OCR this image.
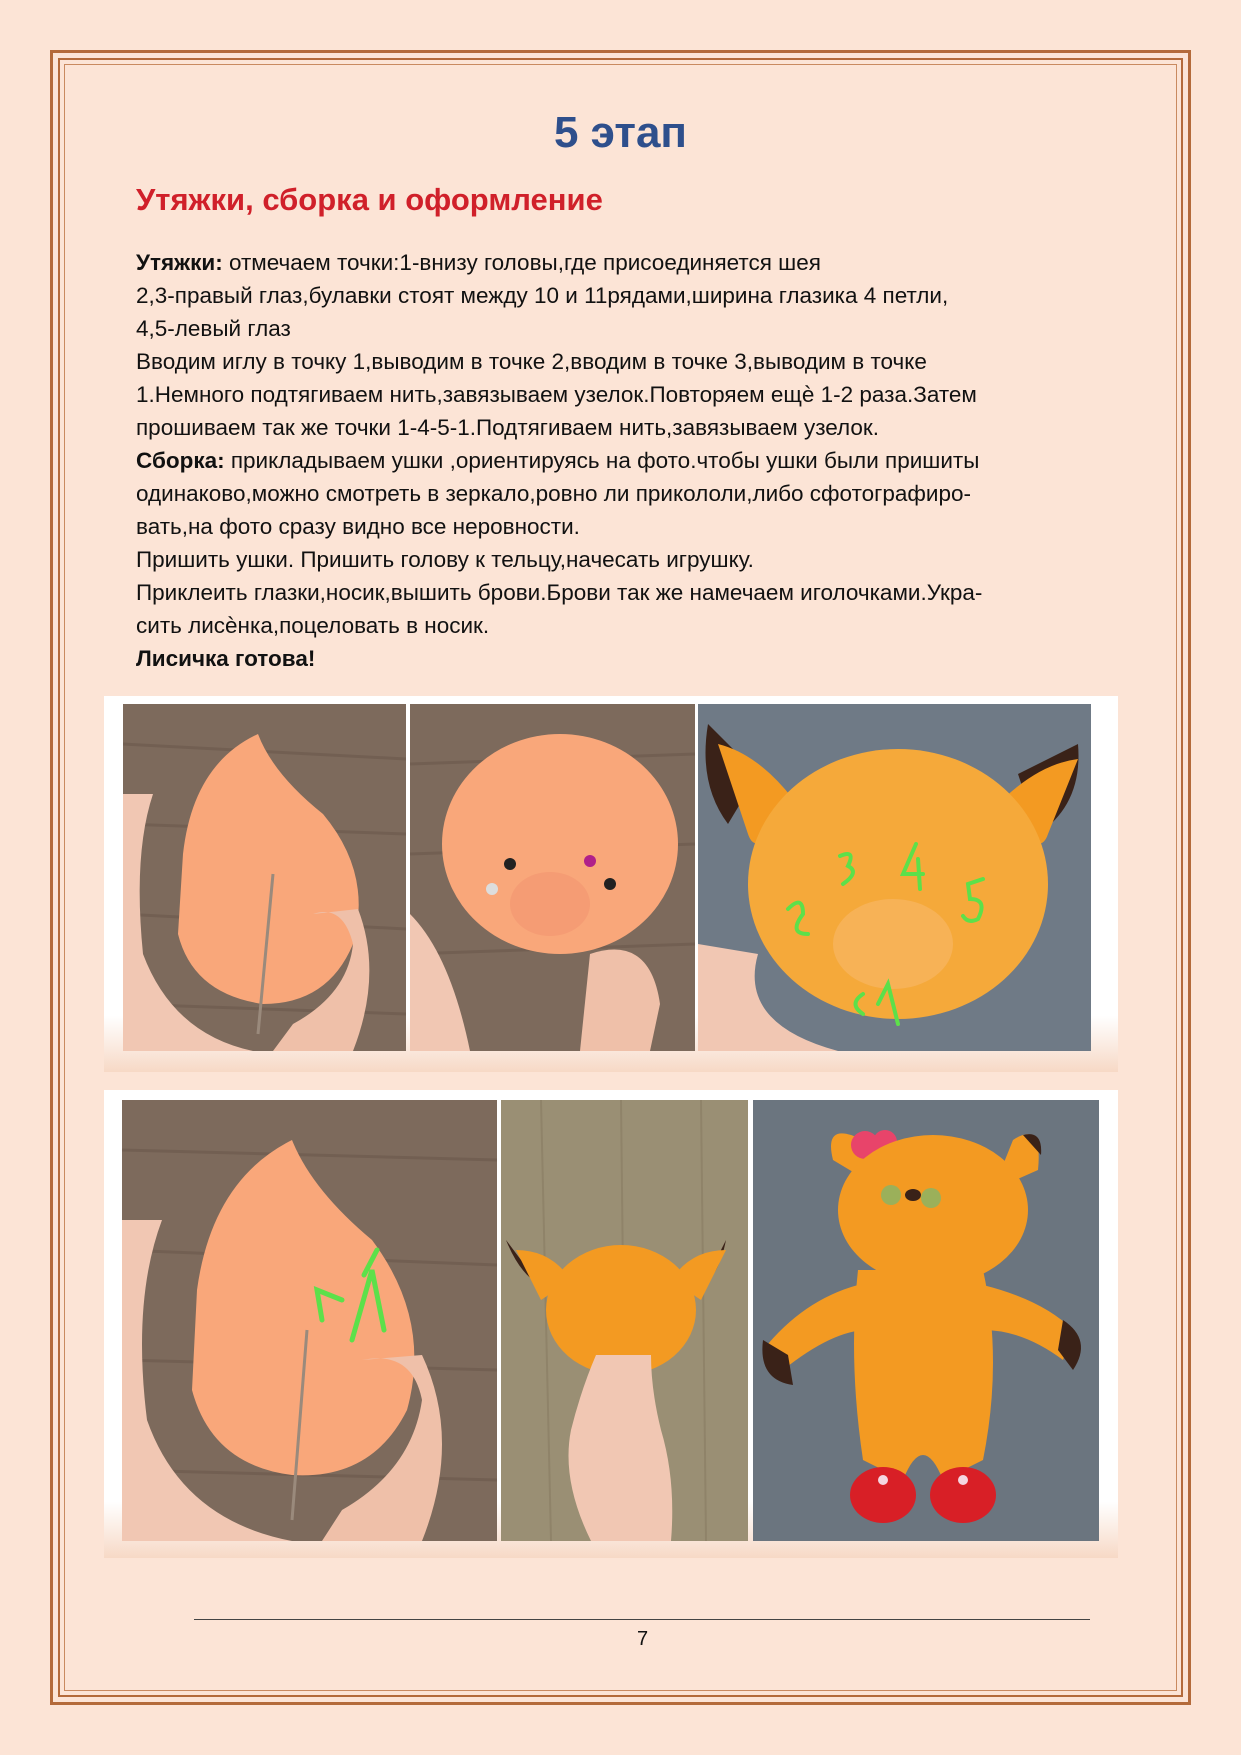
5 этап
Утяжки, сборка и оформление

Утяжки: отмечаем точки:1-внизу головы,где присоединяется шея

2,3-правый глаз,булавки стоят между 10 и 11рядами,ширина глазика 4 петли,

4,5-левый глаз

Вводим иглу в точку 1,выводим в точке 2,вводим в точке 3,выводим в точке

1.Немного подтягиваем нить,завязываем узелок.Повторяем ещѐ 1-2 раза.Затем

прошиваем так же точки 1-4-5-1.Подтягиваем нить,завязываем узелок.

Сборка: прикладываем ушки ,ориентируясь на фото.чтобы ушки были пришиты

одинаково,можно смотреть в зеркало,ровно ли прикололи,либо сфотографиро-

вать,на фото сразу видно все неровности.

Пришить ушки. Пришить голову к тельцу,начесать игрушку.

Приклеить глазки,носик,вышить брови.Брови так же намечаем иголочками.Укра-

сить лисѐнка,поцеловать в носик.

Лисичка готова!

7
